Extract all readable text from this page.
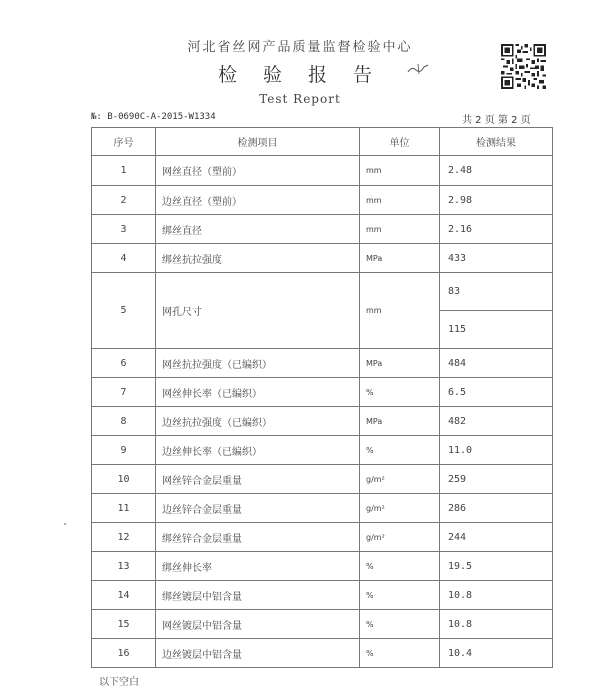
河北省丝网产品质量监督检验中心
检 验 报 告
Test Report
№: B-0690C-A-2015-W1334	共 2 页 第 2 页
序号	检测项目	单位	检测结果
1	网丝直径（塑前）	mm	2.48
2	边丝直径（塑前）	mm	2.98
3	绑丝直径	mm	2.16
4	绑丝抗拉强度	MPa	433
5	网孔尺寸	mm	83
			115
6	网丝抗拉强度（已编织）	MPa	484
7	网丝伸长率（已编织）	%	6.5
8	边丝抗拉强度（已编织）	MPa	482
9	边丝伸长率（已编织）	%	11.0
10	网丝锌合金层重量	g/m²	259
11	边丝锌合金层重量	g/m²	286
12	绑丝锌合金层重量	g/m²	244
13	绑丝伸长率	%	19.5
14	绑丝镀层中铝含量	%	10.8
15	网丝镀层中铝含量	%	10.8
16	边丝镀层中铝含量	%	10.4
以下空白
